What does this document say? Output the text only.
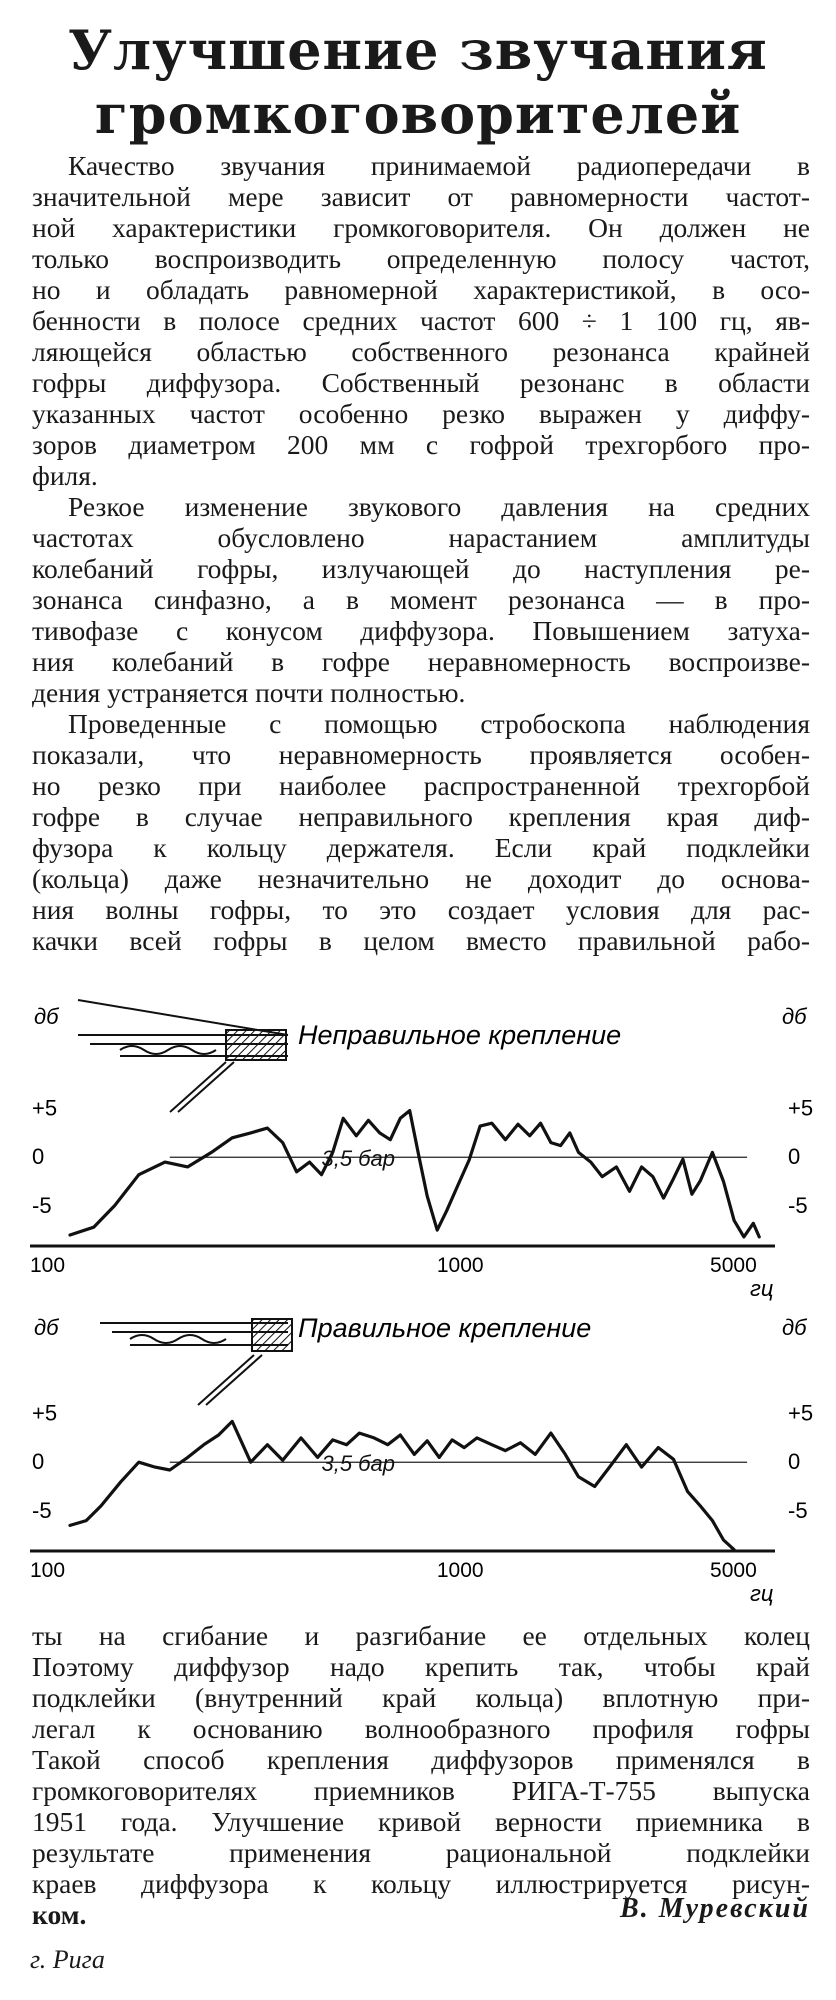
Улучшение звучания
громкоговорителей
Качество звучания принимаемой радиопередачи в
значительной мере зависит от равномерности частот-
ной характеристики громкоговорителя. Он должен не
только воспроизводить определенную полосу частот,
но и обладать равномерной характеристикой, в осо-
бенности в полосе средних частот 600 ÷ 1 100 гц, яв-
ляющейся областью собственного резонанса крайней
гофры диффузора. Собственный резонанс в области
указанных частот особенно резко выражен у диффу-
зоров диаметром 200 мм с гофрой трехгорбого про-
филя.
Резкое изменение звукового давления на средних
частотах обусловлено нарастанием амплитуды
колебаний гофры, излучающей до наступления ре-
зонанса синфазно, а в момент резонанса — в про-
тивофазе с конусом диффузора. Повышением затуха-
ния колебаний в гофре неравномерность воспроизве-
дения устраняется почти полностью.
Проведенные с помощью стробоскопа наблюдения
показали, что неравномерность проявляется особен-
но резко при наиболее распространенной трехгорбой
гофре в случае неправильного крепления края диф-
фузора к кольцу держателя. Если край подклейки
(кольца) даже незначительно не доходит до основа-
ния волны гофры, то это создает условия для рас-
качки всей гофры в целом вместо правильной рабо-
Неправильное крепление
дб	дб
3,5 бар
+5	+5
0	0
-5	-5
100	1000	5000
гц
Правильное крепление
дб	дб
3,5 бар
+5	+5
0	0
-5	-5
100	1000	5000
гц
ты на сгибание и разгибание ее отдельных колец
Поэтому диффузор надо крепить так, чтобы край
подклейки (внутренний край кольца) вплотную при-
легал к основанию волнообразного профиля гофры
Такой способ крепления диффузоров применялся в
громкоговорителях приемников РИГА-Т-755 выпуска
1951 года. Улучшение кривой верности приемника в
результате применения рациональной подклейки
краев диффузора к кольцу иллюстрируется рисун-
ком.	В. Муревский
г. Рига
